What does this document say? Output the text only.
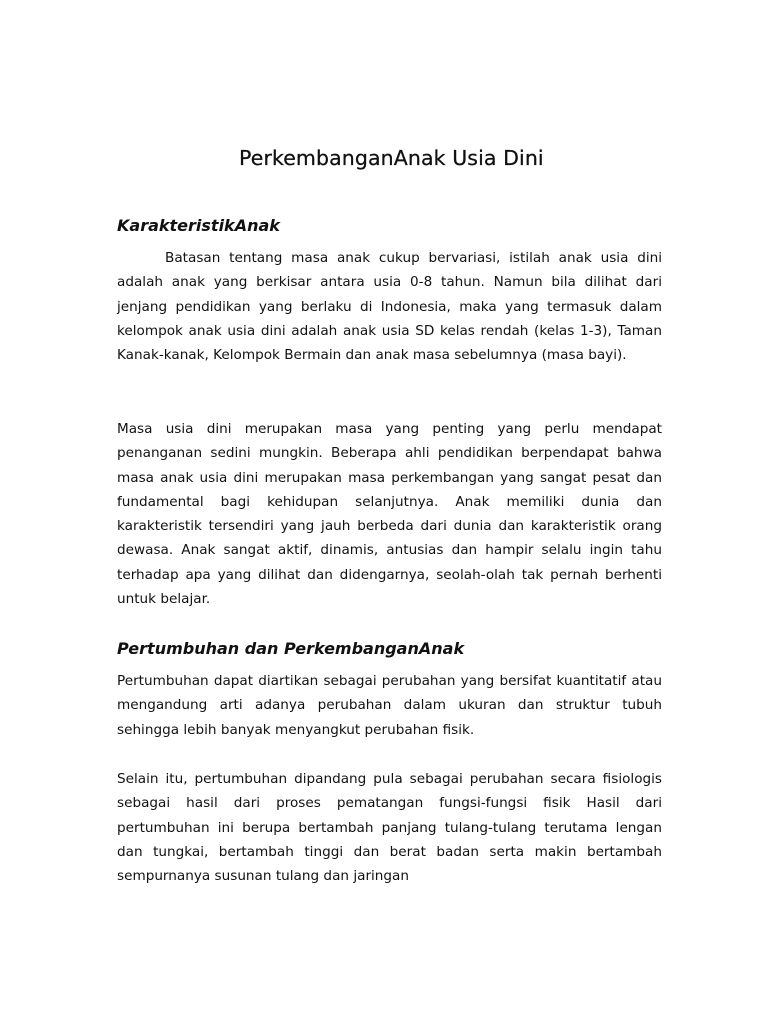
PerkembanganAnak Usia Dini
KarakteristikAnak

Batasan tentang masa anak cukup bervariasi, istilah anak usia dini adalah anak yang berkisar antara usia 0-8 tahun. Namun bila dilihat dari jenjang pendidikan yang berlaku di Indonesia, maka yang termasuk dalam kelompok anak usia dini adalah anak usia SD kelas rendah (kelas 1-3), Taman Kanak-kanak, Kelompok Bermain dan anak masa sebelumnya (masa bayi).

Masa usia dini merupakan masa yang penting yang perlu mendapat penanganan sedini mungkin. Beberapa ahli pendidikan berpendapat bahwa masa anak usia dini merupakan masa perkembangan yang sangat pesat dan fundamental bagi kehidupan selanjutnya. Anak memiliki dunia dan karakteristik tersendiri yang jauh berbeda dari dunia dan karakteristik orang dewasa. Anak sangat aktif, dinamis, antusias dan hampir selalu ingin tahu terhadap apa yang dilihat dan didengarnya, seolah-olah tak pernah berhenti untuk belajar.

Pertumbuhan dan PerkembanganAnak

Pertumbuhan dapat diartikan sebagai perubahan yang bersifat kuantitatif atau mengandung arti adanya perubahan dalam ukuran dan struktur tubuh sehingga lebih banyak menyangkut perubahan fisik.

Selain itu, pertumbuhan dipandang pula sebagai perubahan secara fisiologis sebagai hasil dari proses pematangan fungsi-fungsi fisik Hasil dari pertumbuhan ini berupa bertambah panjang tulang-tulang terutama lengan dan tungkai, bertambah tinggi dan berat badan serta makin bertambah sempurnanya susunan tulang dan jaringan
